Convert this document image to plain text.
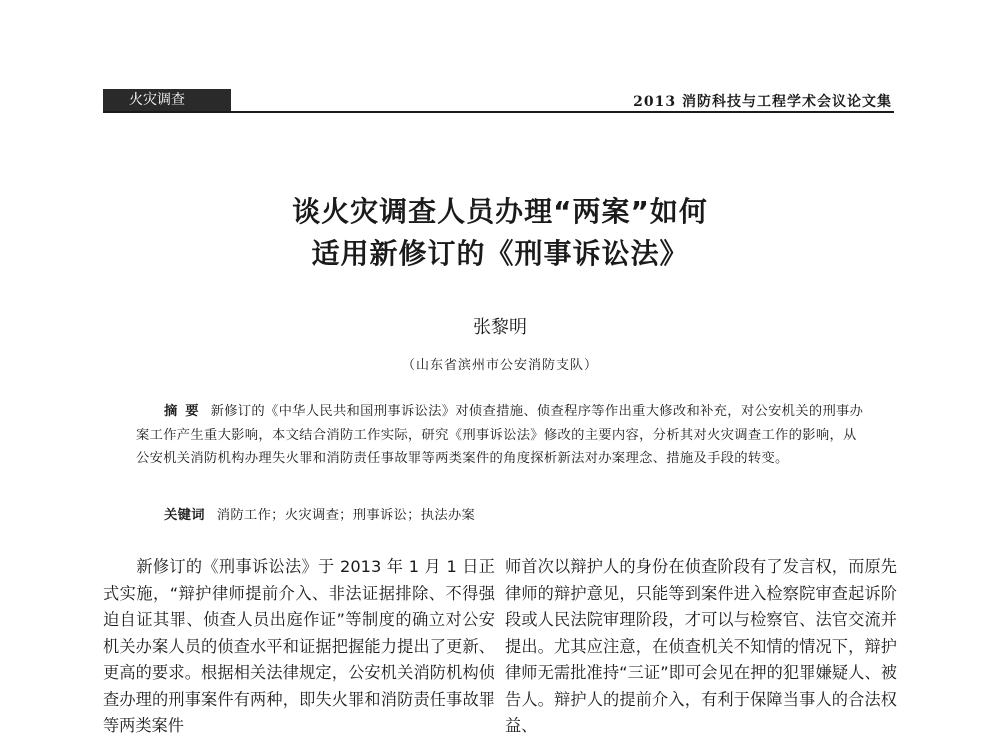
火灾调查	2013 消防科技与工程学术会议论文集
谈火灾调查人员办理“两案”如何
适用新修订的《刑事诉讼法》
张黎明
（山东省滨州市公安消防支队）
摘要 新修订的《中华人民共和国刑事诉讼法》对侦查措施、侦查程序等作出重大修改和补充，对公安机关的刑事办案工作产生重大影响，本文结合消防工作实际，研究《刑事诉讼法》修改的主要内容，分析其对火灾调查工作的影响，从公安机关消防机构办理失火罪和消防责任事故罪等两类案件的角度探析新法对办案理念、措施及手段的转变。
关键词 消防工作；火灾调查；刑事诉讼；执法办案
新修订的《刑事诉讼法》于 2013 年 1 月 1 日正式实施，“辩护律师提前介入、非法证据排除、不得强迫自证其罪、侦查人员出庭作证”等制度的确立对公安机关办案人员的侦查水平和证据把握能力提出了更新、更高的要求。根据相关法律规定，公安机关消防机构侦查办理的刑事案件有两种，即失火罪和消防责任事故罪等两类案件
师首次以辩护人的身份在侦查阶段有了发言权，而原先律师的辩护意见，只能等到案件进入检察院审查起诉阶段或人民法院审理阶段，才可以与检察官、法官交流并提出。尤其应注意，在侦查机关不知情的情况下，辩护律师无需批准持“三证”即可会见在押的犯罪嫌疑人、被告人。辩护人的提前介入，有利于保障当事人的合法权益、
